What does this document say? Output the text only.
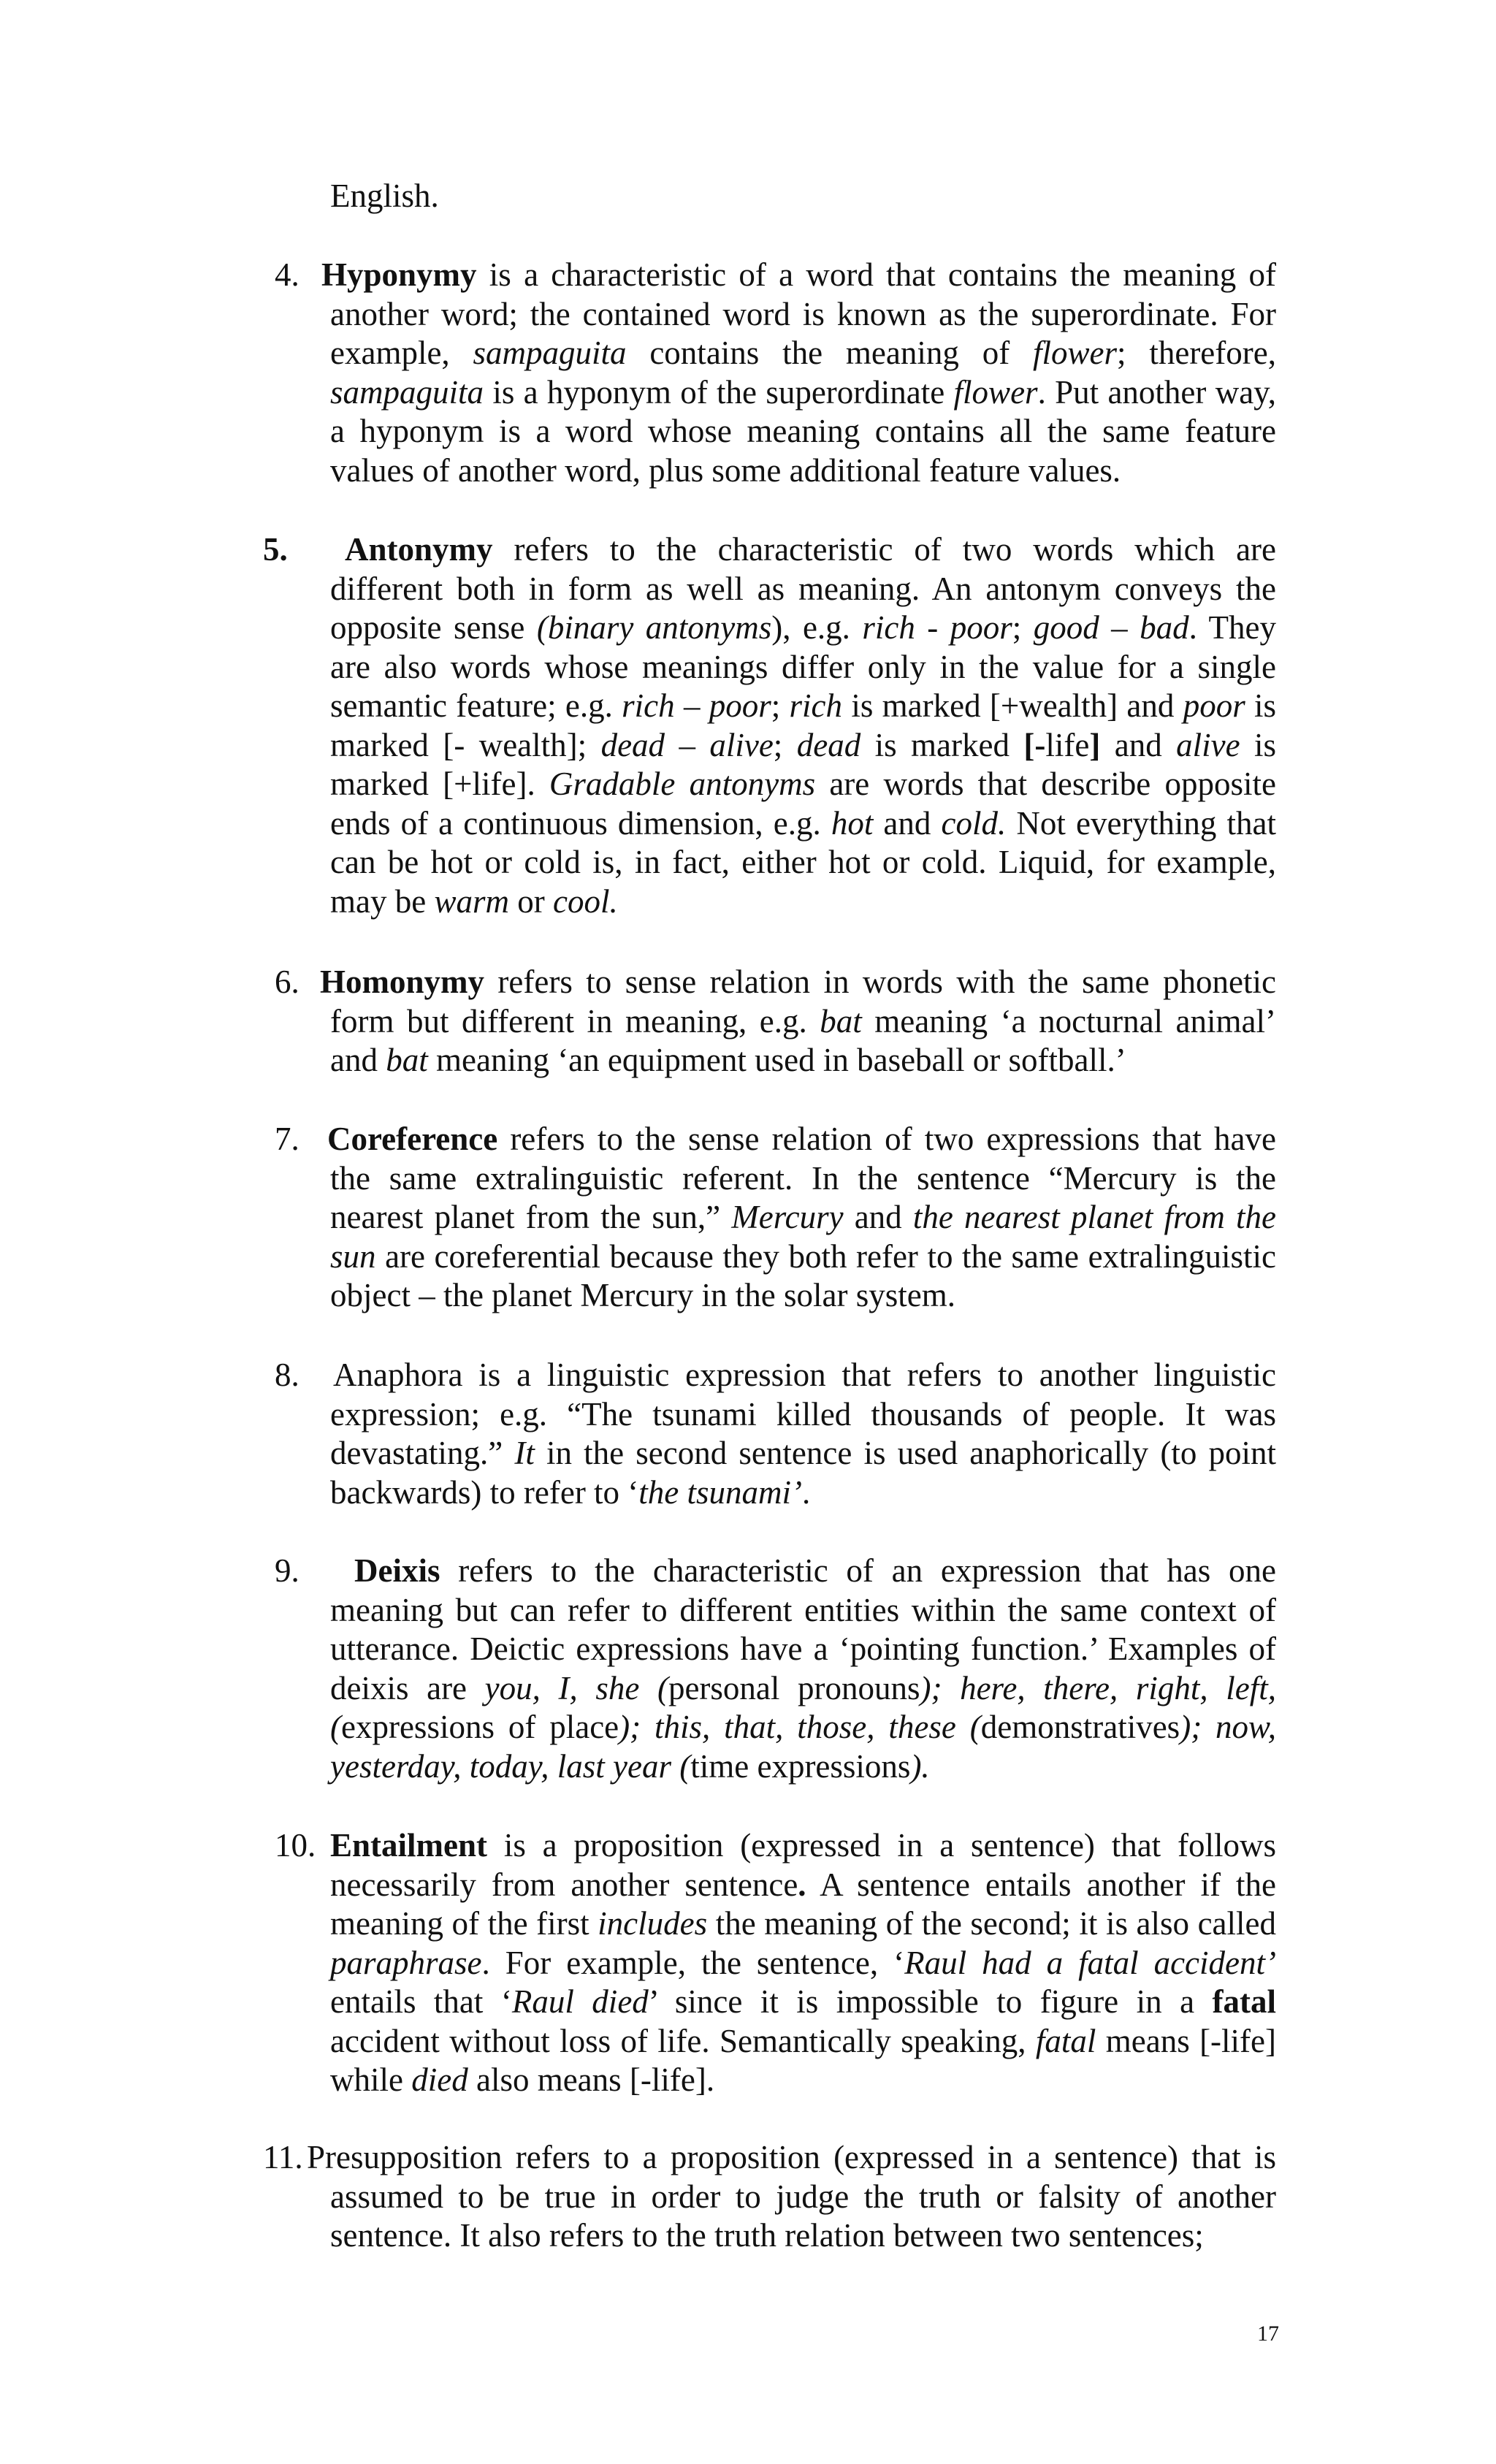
English.
4. Hyponymy is a characteristic of a word that contains the meaning of another word; the contained word is known as the superordinate. For example, sampaguita contains the meaning of flower; therefore, sampaguita is a hyponym of the superordinate flower. Put another way, a hyponym is a word whose meaning contains all the same feature values of another word, plus some additional feature values.
5.	Antonymy refers to the characteristic of two words which are different both in form as well as meaning. An antonym conveys the opposite sense (binary antonyms), e.g. rich - poor; good – bad. They are also words whose meanings differ only in the value for a single semantic feature; e.g. rich – poor; rich is marked [+wealth] and poor is marked [- wealth]; dead – alive; dead is marked [-life] and alive is marked [+life]. Gradable antonyms are words that describe opposite ends of a continuous dimension, e.g. hot and cold. Not everything that can be hot or cold is, in fact, either hot or cold. Liquid, for example, may be warm or cool.
6. Homonymy refers to sense relation in words with the same phonetic form but different in meaning, e.g. bat meaning ‘a nocturnal animal’ and bat meaning ‘an equipment used in baseball or softball.’
7. Coreference refers to the sense relation of two expressions that have the same extralinguistic referent. In the sentence “Mercury is the nearest planet from the sun,” Mercury and the nearest planet from the sun are coreferential because they both refer to the same extralinguistic object – the planet Mercury in the solar system.
8. Anaphora is a linguistic expression that refers to another linguistic expression; e.g. “The tsunami killed thousands of people. It was devastating.” It in the second sentence is used anaphorically (to point backwards) to refer to ‘the tsunami’.
9.	Deixis refers to the characteristic of an expression that has one meaning but can refer to different entities within the same context of utterance. Deictic expressions have a ‘pointing function.’ Examples of deixis are you, I, she (personal pronouns); here, there, right, left, (expressions of place); this, that, those, these (demonstratives); now, yesterday, today, last year (time expressions).
10. Entailment is a proposition (expressed in a sentence) that follows necessarily from another sentence. A sentence entails another if the meaning of the first includes the meaning of the second; it is also called paraphrase. For example, the sentence, ‘Raul had a fatal accident’ entails that ‘Raul died’ since it is impossible to figure in a fatal accident without loss of life. Semantically speaking, fatal means [-life] while died also means [-life].
11. Presupposition refers to a proposition (expressed in a sentence) that is assumed to be true in order to judge the truth or falsity of another sentence. It also refers to the truth relation between two sentences;
17
